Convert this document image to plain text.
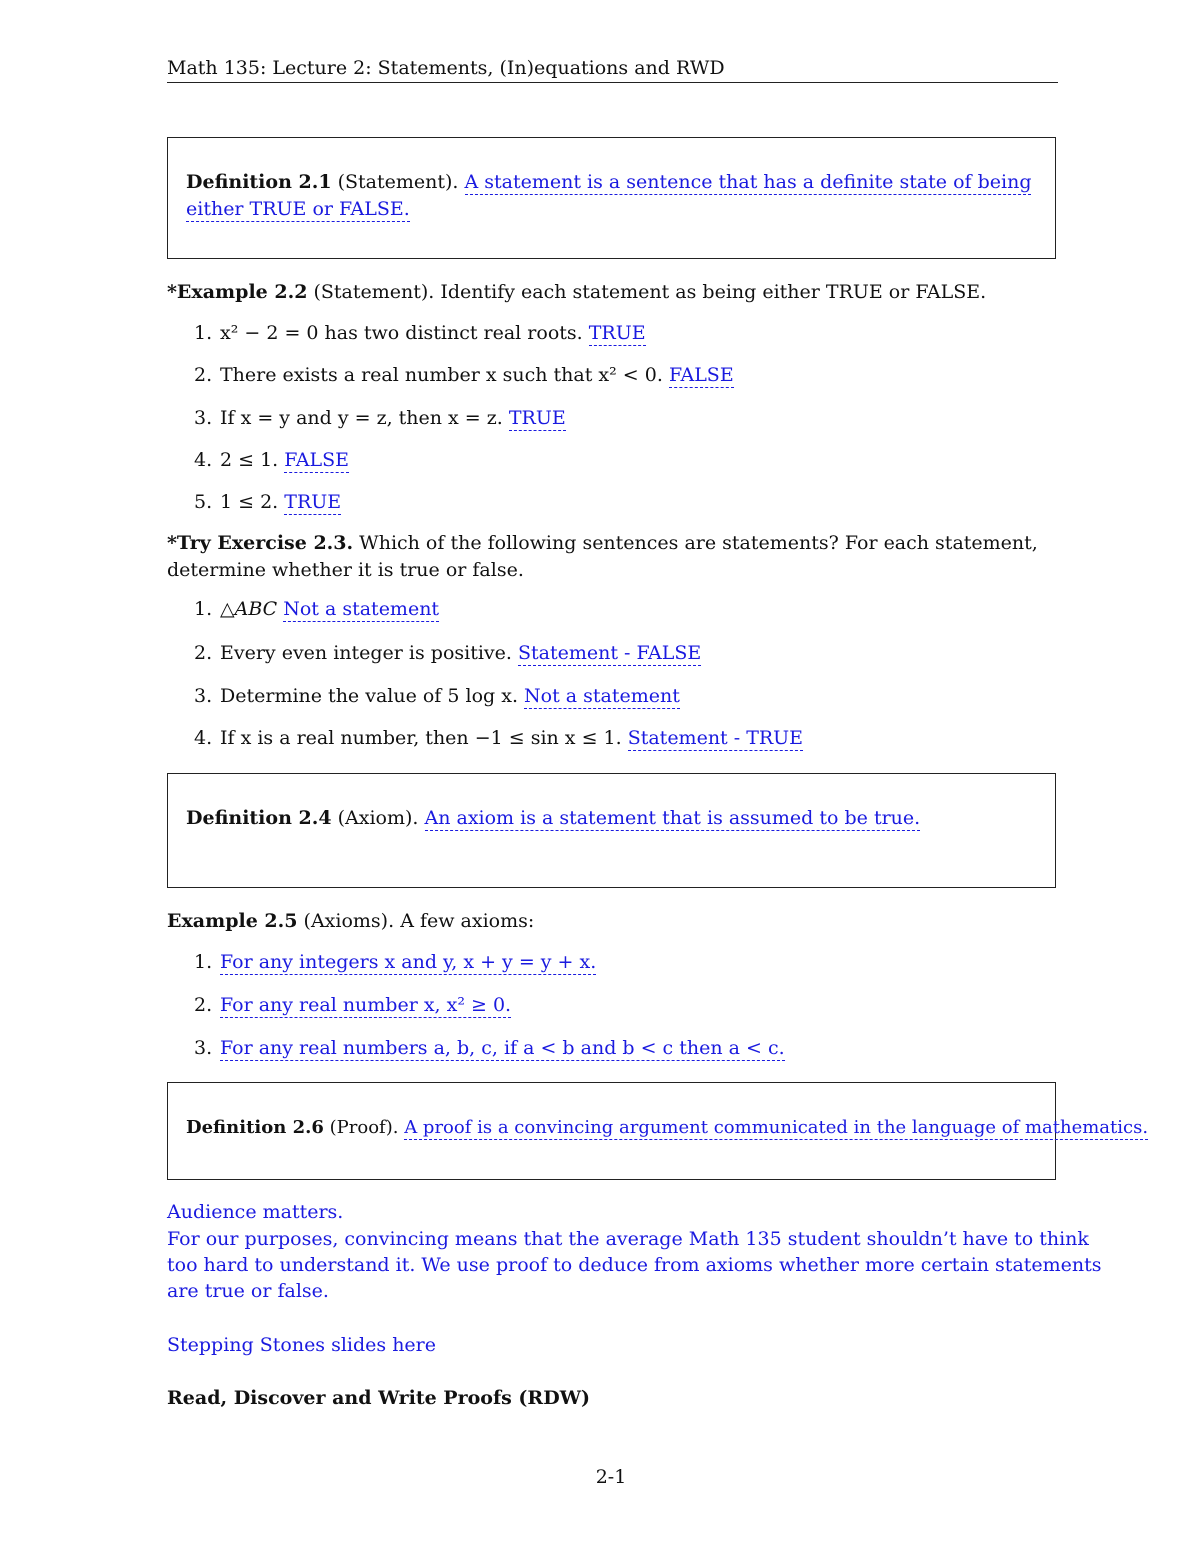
Math 135: Lecture 2: Statements, (In)equations and RWD
Definition 2.1 (Statement). A statement is a sentence that has a definite state of being
either TRUE or FALSE.
*Example 2.2 (Statement). Identify each statement as being either TRUE or FALSE.
1. x² − 2 = 0 has two distinct real roots. TRUE
2. There exists a real number x such that x² < 0. FALSE
3. If x = y and y = z, then x = z. TRUE
4. 2 ≤ 1. FALSE
5. 1 ≤ 2. TRUE
*Try Exercise 2.3. Which of the following sentences are statements? For each statement,
determine whether it is true or false.
1. △ABC Not a statement
2. Every even integer is positive. Statement - FALSE
3. Determine the value of 5 log x. Not a statement
4. If x is a real number, then −1 ≤ sin x ≤ 1. Statement - TRUE
Definition 2.4 (Axiom). An axiom is a statement that is assumed to be true.
Example 2.5 (Axioms). A few axioms:
1. For any integers x and y, x + y = y + x.
2. For any real number x, x² ≥ 0.
3. For any real numbers a, b, c, if a < b and b < c then a < c.
Definition 2.6 (Proof). A proof is a convincing argument communicated in the language of mathematics.
Audience matters.
For our purposes, convincing means that the average Math 135 student shouldn’t have to think
too hard to understand it. We use proof to deduce from axioms whether more certain statements
are true or false.
Stepping Stones slides here
Read, Discover and Write Proofs (RDW)
2-1
